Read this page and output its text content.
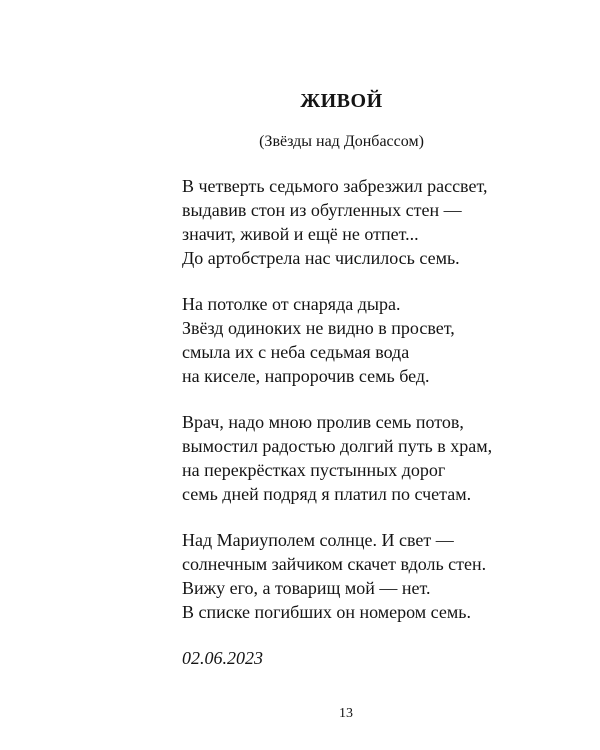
ЖИВОЙ
(Звёзды над Донбассом)
В четверть седьмого забрезжил рассвет,
выдавив стон из обугленных стен —
значит, живой и ещё не отпет...
До артобстрела нас числилось семь.
На потолке от снаряда дыра.
Звёзд одиноких не видно в просвет,
смыла их с неба седьмая вода
на киселе, напророчив семь бед.
Врач, надо мною пролив семь потов,
вымостил радостью долгий путь в храм,
на перекрёстках пустынных дорог
семь дней подряд я платил по счетам.
Над Мариуполем солнце. И свет —
солнечным зайчиком скачет вдоль стен.
Вижу его, а товарищ мой — нет.
В списке погибших он номером семь.
02.06.2023
13
